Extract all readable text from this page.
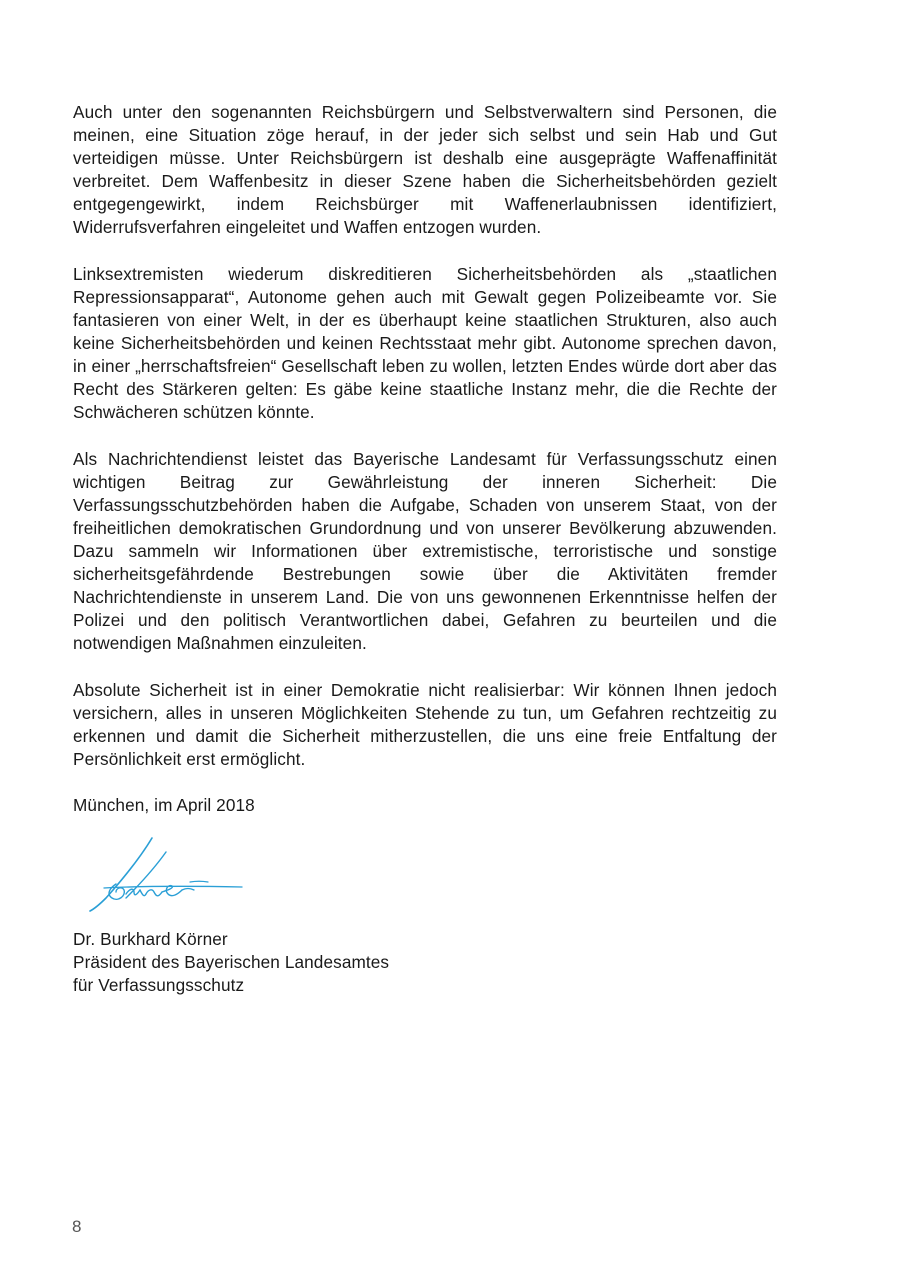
Auch unter den sogenannten Reichsbürgern und Selbstverwaltern sind Personen, die meinen, eine Situation zöge herauf, in der jeder sich selbst und sein Hab und Gut verteidigen müsse. Unter Reichsbürgern ist deshalb eine ausgeprägte Waffenaffinität verbreitet. Dem Waffenbesitz in dieser Szene haben die Sicherheitsbehörden gezielt entgegengewirkt, indem Reichsbürger mit Waffenerlaubnissen identifiziert, Widerrufsverfahren eingeleitet und Waffen entzogen wurden.

Linksextremisten wiederum diskreditieren Sicherheitsbehörden als „staatlichen Repressionsapparat“, Autonome gehen auch mit Gewalt gegen Polizeibeamte vor. Sie fantasieren von einer Welt, in der es überhaupt keine staatlichen Strukturen, also auch keine Sicherheitsbehörden und keinen Rechtsstaat mehr gibt. Autonome sprechen davon, in einer „herrschaftsfreien“ Gesellschaft leben zu wollen, letzten Endes würde dort aber das Recht des Stärkeren gelten: Es gäbe keine staatliche Instanz mehr, die die Rechte der Schwächeren schützen könnte.

Als Nachrichtendienst leistet das Bayerische Landesamt für Verfassungsschutz einen wichtigen Beitrag zur Gewährleistung der inneren Sicherheit: Die Verfassungsschutzbehörden haben die Aufgabe, Schaden von unserem Staat, von der freiheitlichen demokratischen Grundordnung und von unserer Bevölkerung abzuwenden. Dazu sammeln wir Informationen über extremistische, terroristische und sonstige sicherheitsgefährdende Bestrebungen sowie über die Aktivitäten fremder Nachrichtendienste in unserem Land. Die von uns gewonnenen Erkenntnisse helfen der Polizei und den politisch Verantwortlichen dabei, Gefahren zu beurteilen und die notwendigen Maßnahmen einzuleiten.

Absolute Sicherheit ist in einer Demokratie nicht realisierbar: Wir können Ihnen jedoch versichern, alles in unseren Möglichkeiten Stehende zu tun, um Gefahren rechtzeitig zu erkennen und damit die Sicherheit mitherzustellen, die uns eine freie Entfaltung der Persönlichkeit erst ermöglicht.

München, im April 2018

Dr. Burkhard Körner
Präsident des Bayerischen Landesamtes
für Verfassungsschutz
8
